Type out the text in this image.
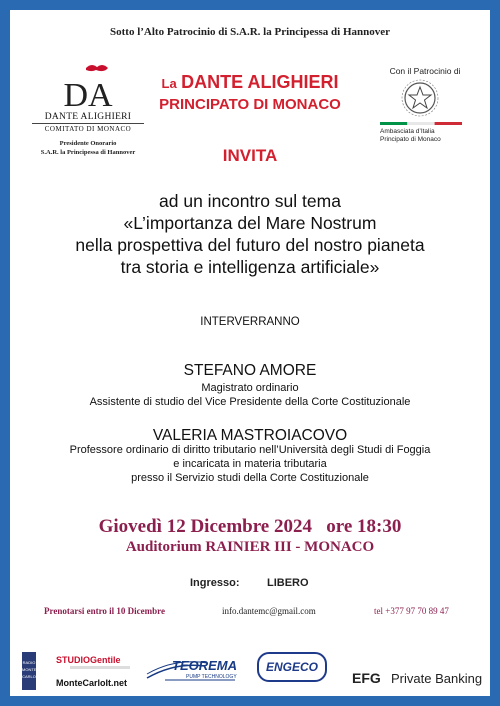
Sotto l’Alto Patrocinio di S.A.R. la Principessa di Hannover
DA
DANTE ALIGHIERI
COMITATO DI MONACO
Presidente Onorario
S.A.R. la Principessa di Hannover
La DANTE ALIGHIERI
PRINCIPATO DI MONACO
Con il Patrocinio di
Ambasciata d’Italia
Principato di Monaco
INVITA
ad un incontro sul tema
«L’importanza del Mare Nostrum
nella prospettiva del futuro del nostro pianeta
tra storia e intelligenza artificiale»
INTERVERRANNO
STEFANO AMORE
Magistrato ordinario
Assistente di studio del Vice Presidente della Corte Costituzionale
VALERIA MASTROIACOVO
Professore ordinario di diritto tributario nell’Università degli Studi di Foggia
e incaricata in materia tributaria
presso il Servizio studi della Corte Costituzionale
Giovedì 12 Dicembre 2024   ore 18:30
Auditorium RAINIER III - MONACO
Ingresso: LIBERO
Prenotarsi entro il 10 Dicembre	info.dantemc@gmail.com	tel +377 97 70 89 47
RADIO
MONTE
CARLO
STUDIOGentile
MonteCarloIt.net
TEOREMA
PUMP TECHNOLOGY
ENGECO
EFG Private Banking
